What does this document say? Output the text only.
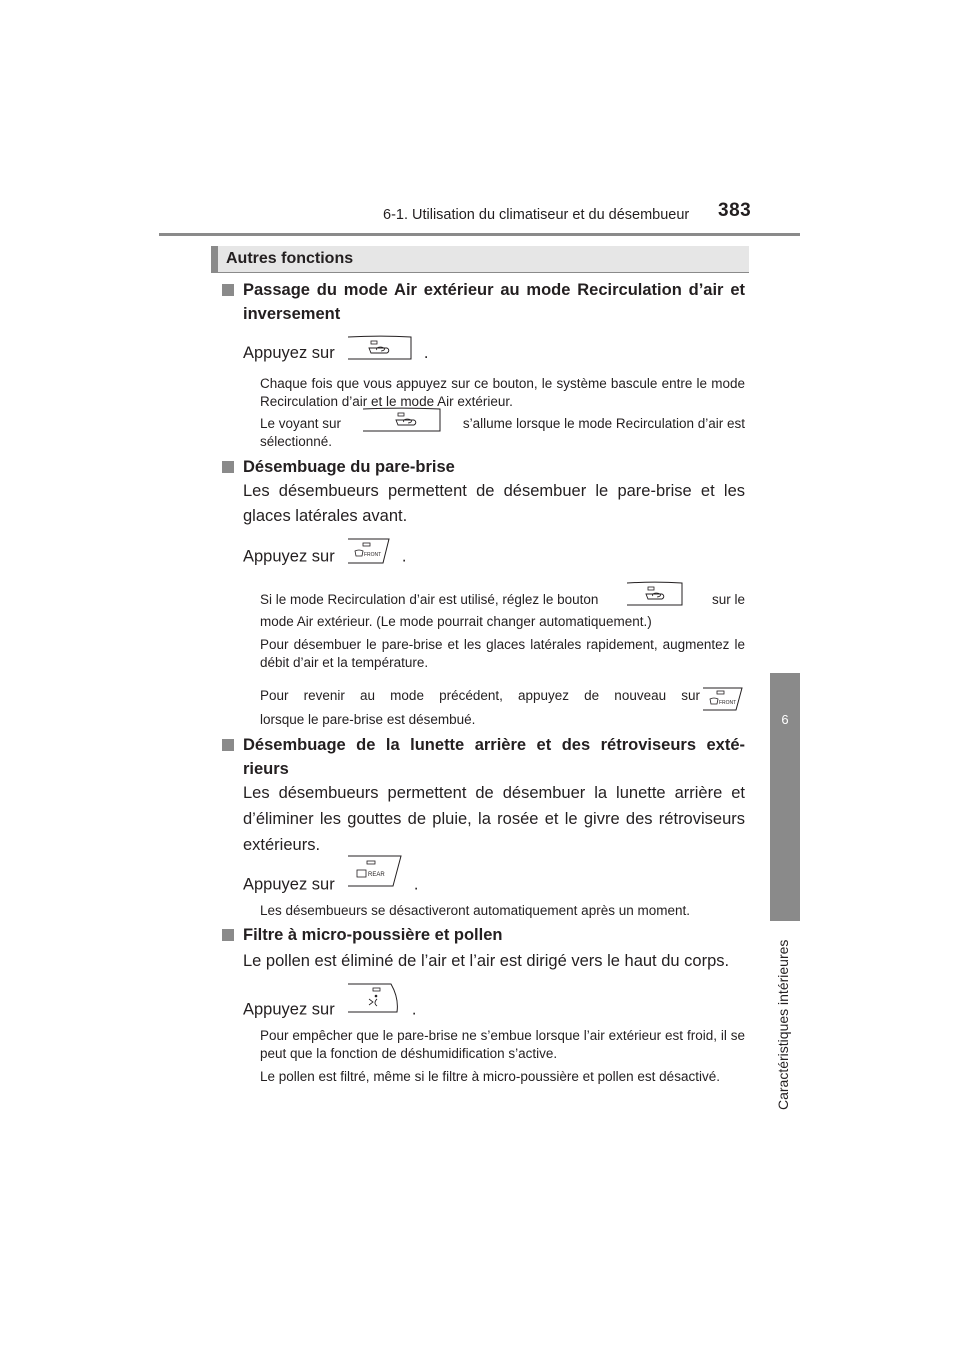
6-1. Utilisation du climatiseur et du désembueur 383
6
Caractéristiques intérieures
Autres fonctions
Passage du mode Air extérieur au mode Recirculation d’air et
inversement
Appuyez sur	.
Chaque fois que vous appuyez sur ce bouton, le système bascule entre le mode Recirculation d’air et le mode Air extérieur.
Le voyant sur	s’allume lorsque le mode Recirculation d’air est
sélectionné.
Désembuage du pare-brise
Les désembueurs permettent de désembuer le pare-brise et les glaces latérales avant.
Appuyez sur	FRONT .
Si le mode Recirculation d’air est utilisé, réglez le bouton	sur le
mode Air extérieur. (Le mode pourrait changer automatiquement.)
Pour désembuer le pare-brise et les glaces latérales rapidement, augmentez le débit d’air et la température.
Pour revenir au mode précédent, appuyez de nouveau sur	FRONT
lorsque le pare-brise est désembué.
Désembuage de la lunette arrière et des rétroviseurs exté-
rieurs
Les désembueurs permettent de désembuer la lunette arrière et d’éliminer les gouttes de pluie, la rosée et le givre des rétroviseurs extérieurs.
Appuyez sur
REAR
.
Les désembueurs se désactiveront automatiquement après un moment.
Filtre à micro-poussière et pollen
Le pollen est éliminé de l’air et l’air est dirigé vers le haut du corps.
Appuyez sur	.
Pour empêcher que le pare-brise ne s’embue lorsque l’air extérieur est froid, il se peut que la fonction de déshumidification s’active.
Le pollen est filtré, même si le filtre à micro-poussière et pollen est désactivé.
